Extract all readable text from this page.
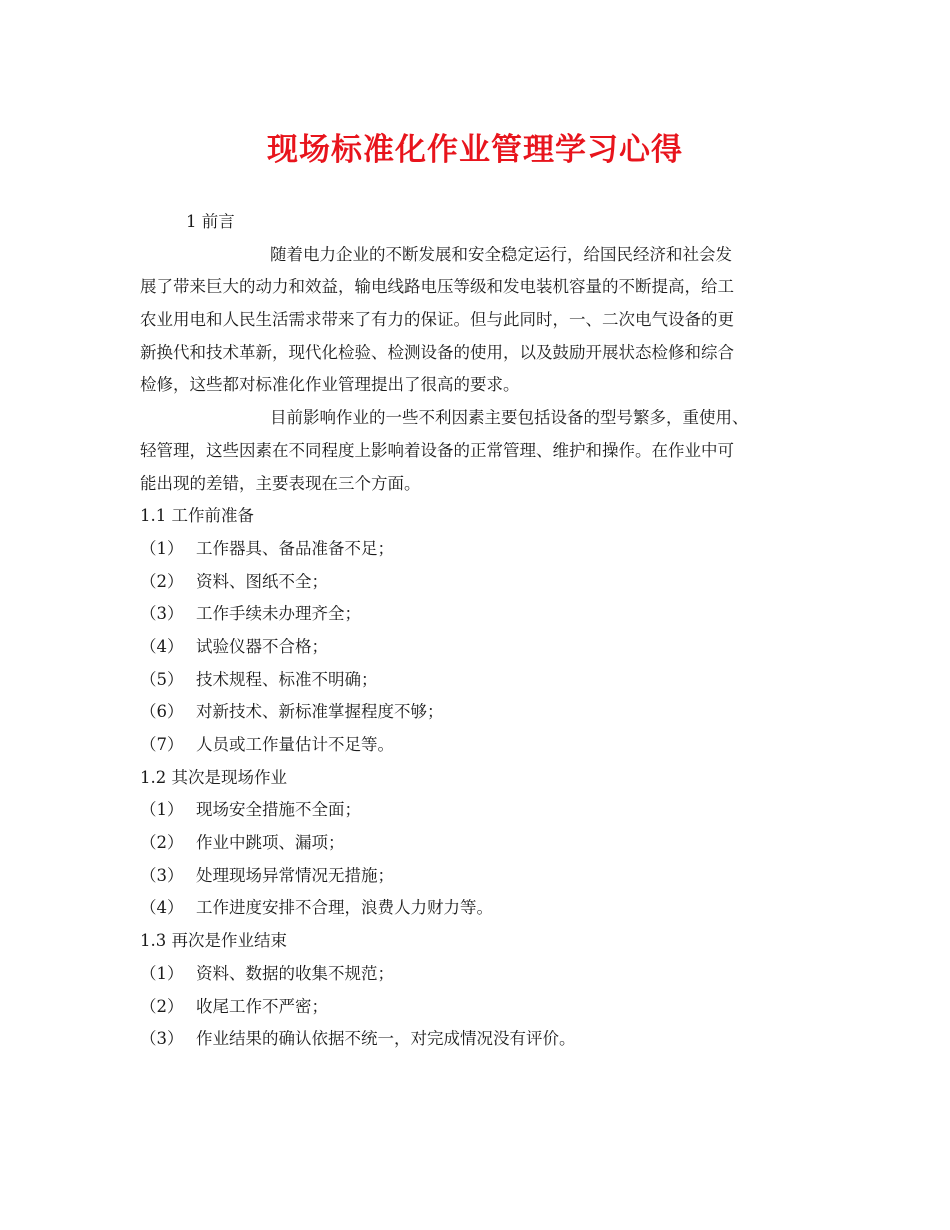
现场标准化作业管理学习心得
1 前言
随着电力企业的不断发展和安全稳定运行，给国民经济和社会发
展了带来巨大的动力和效益，输电线路电压等级和发电装机容量的不断提高，给工
农业用电和人民生活需求带来了有力的保证。但与此同时，一、二次电气设备的更
新换代和技术革新，现代化检验、检测设备的使用，以及鼓励开展状态检修和综合
检修，这些都对标准化作业管理提出了很高的要求。
目前影响作业的一些不利因素主要包括设备的型号繁多，重使用、
轻管理，这些因素在不同程度上影响着设备的正常管理、维护和操作。在作业中可
能出现的差错，主要表现在三个方面。
1.1 工作前准备
（1） 工作器具、备品准备不足；
（2） 资料、图纸不全；
（3） 工作手续未办理齐全；
（4） 试验仪器不合格；
（5） 技术规程、标准不明确；
（6） 对新技术、新标准掌握程度不够；
（7） 人员或工作量估计不足等。
1.2 其次是现场作业
（1） 现场安全措施不全面；
（2） 作业中跳项、漏项；
（3） 处理现场异常情况无措施；
（4） 工作进度安排不合理，浪费人力财力等。
1.3 再次是作业结束
（1） 资料、数据的收集不规范；
（2） 收尾工作不严密；
（3） 作业结果的确认依据不统一，对完成情况没有评价。
